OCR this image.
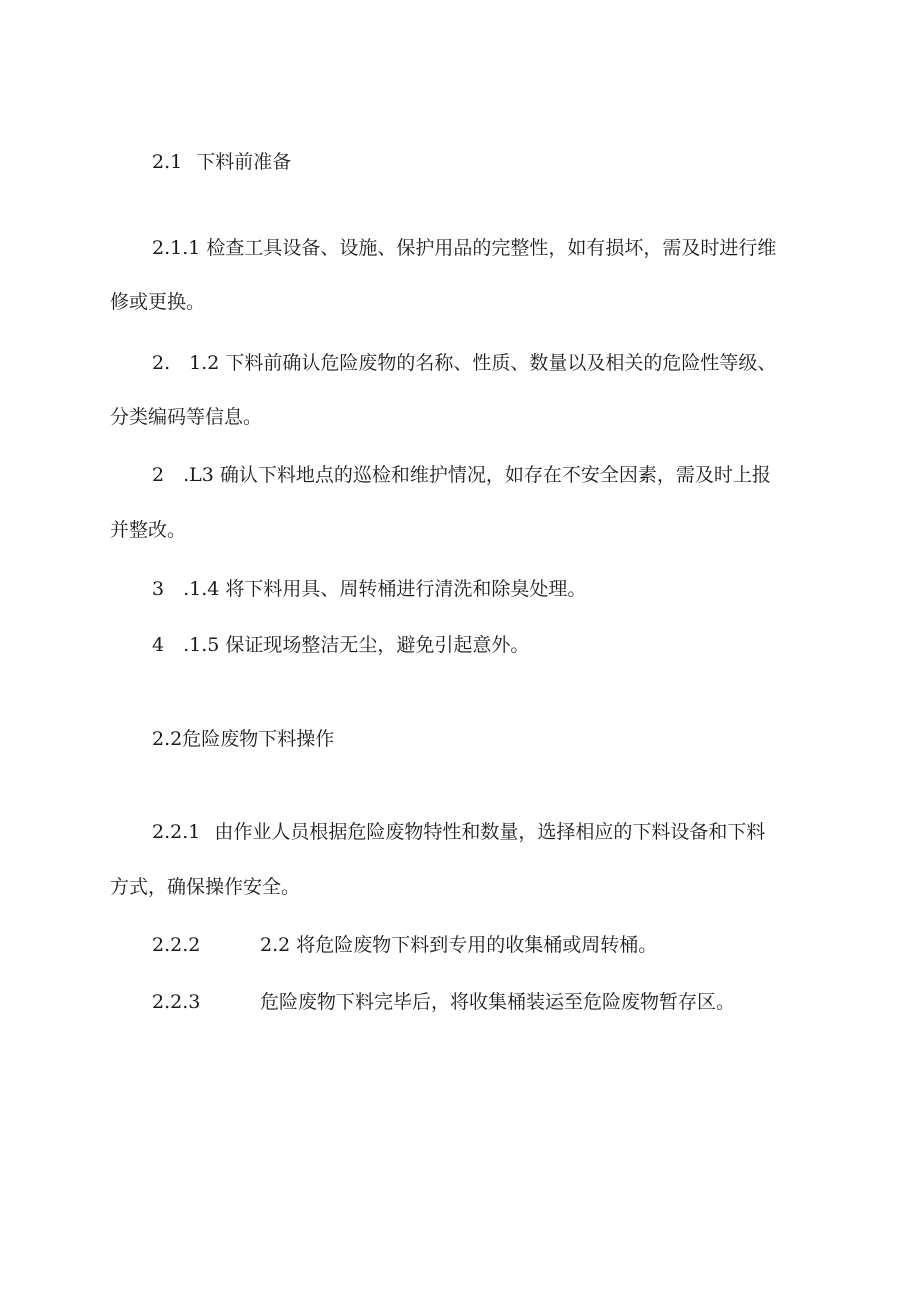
2.1 下料前准备

2.1.1 检查工具设备、设施、保护用品的完整性，如有损坏，需及时进行维

修或更换。

2.　1.2 下料前确认危险废物的名称、性质、数量以及相关的危险性等级、

分类编码等信息。

2　.L3 确认下料地点的巡检和维护情况，如存在不安全因素，需及时上报

并整改。

3　.1.4 将下料用具、周转桶进行清洗和除臭处理。

4　.1.5 保证现场整洁无尘，避免引起意外。

2.2危险废物下料操作

2.2.1 由作业人员根据危险废物特性和数量，选择相应的下料设备和下料

方式，确保操作安全。

2.2.2	2.2 将危险废物下料到专用的收集桶或周转桶。

2.2.3	危险废物下料完毕后，将收集桶装运至危险废物暂存区。
